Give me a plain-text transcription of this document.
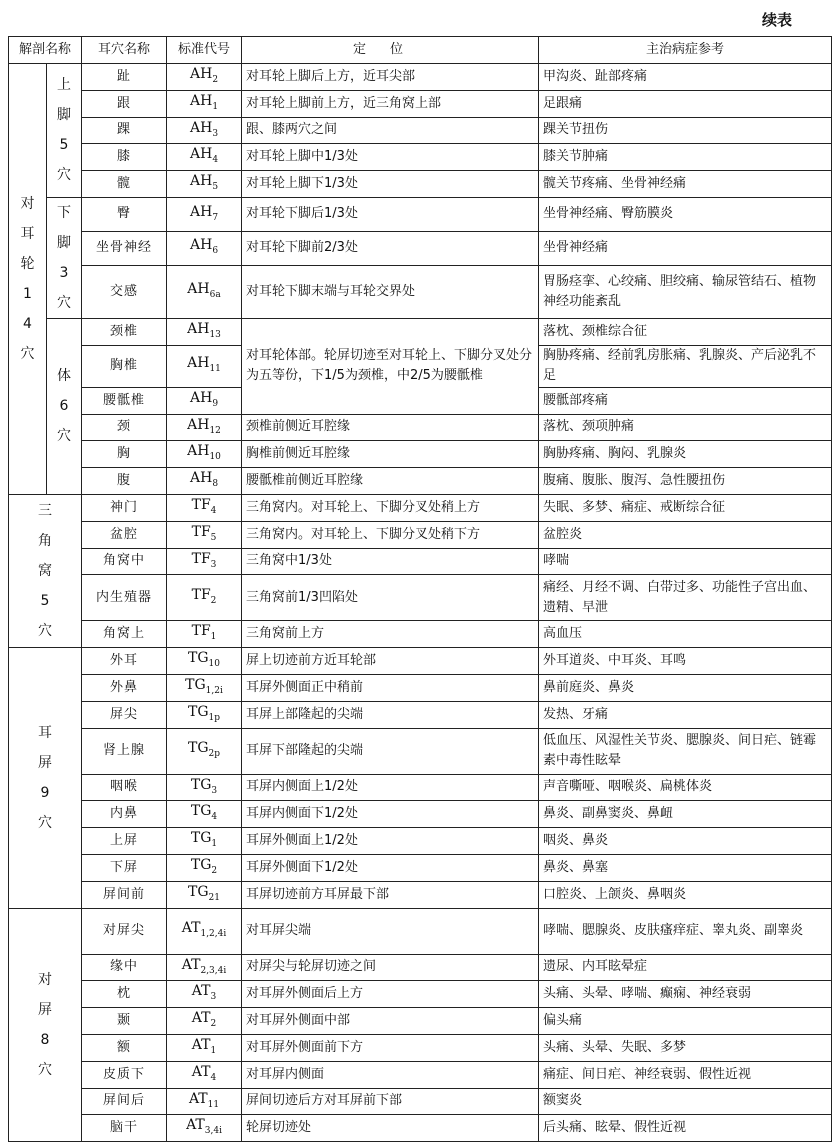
续表
解剖名称		耳穴名称	标准代号	定位	主治病症参考
对耳轮14穴	上脚5穴	趾	$AH_2$	对耳轮上脚后上方，近耳尖部	甲沟炎、趾部疼痛
		跟	$AH_1$	对耳轮上脚前上方，近三角窝上部	足跟痛
		踝	$AH_3$	跟、膝两穴之间	踝关节扭伤
		膝	$AH_4$	对耳轮上脚中1/3处	膝关节肿痛
		髋	$AH_5$	对耳轮上脚下1/3处	髋关节疼痛、坐骨神经痛
	下脚3穴	臀	$AH_7$	对耳轮下脚后1/3处	坐骨神经痛、臀筋膜炎
		坐骨神经	$AH_6$	对耳轮下脚前2/3处	坐骨神经痛
		交感	$AH_{6a}$	对耳轮下脚末端与耳轮交界处	胃肠痉挛、心绞痛、胆绞痛、输尿管结石、植物神经功能紊乱
	体6穴	颈椎	$AH_{13}$	对耳轮体部。轮屏切迹至对耳轮上、下脚分叉处分为五等份，下1/5为颈椎，中2/5为腰骶椎	落枕、颈椎综合征
		胸椎	$AH_{11}$		胸胁疼痛、经前乳房胀痛、乳腺炎、产后泌乳不足
		腰骶椎	$AH_9$		腰骶部疼痛
		颈	$AH_{12}$	颈椎前侧近耳腔缘	落枕、颈项肿痛
		胸	$AH_{10}$	胸椎前侧近耳腔缘	胸胁疼痛、胸闷、乳腺炎
		腹	$AH_8$	腰骶椎前侧近耳腔缘	腹痛、腹胀、腹泻、急性腰扭伤
三角窝5穴		神门	$TF_4$	三角窝内。对耳轮上、下脚分叉处稍上方	失眠、多梦、痛症、戒断综合征
		盆腔	$TF_5$	三角窝内。对耳轮上、下脚分叉处稍下方	盆腔炎
		角窝中	$TF_3$	三角窝中1/3处	哮喘
		内生殖器	$TF_2$	三角窝前1/3凹陷处	痛经、月经不调、白带过多、功能性子宫出血、遗精、早泄
		角窝上	$TF_1$	三角窝前上方	高血压
耳屏9穴		外耳	$TG_{10}$	屏上切迹前方近耳轮部	外耳道炎、中耳炎、耳鸣
		外鼻	$TG_{1,2i}$	耳屏外侧面正中稍前	鼻前庭炎、鼻炎
		屏尖	$TG_{1p}$	耳屏上部隆起的尖端	发热、牙痛
		肾上腺	$TG_{2p}$	耳屏下部隆起的尖端	低血压、风湿性关节炎、腮腺炎、间日疟、链霉素中毒性眩晕
		咽喉	$TG_3$	耳屏内侧面上1/2处	声音嘶哑、咽喉炎、扁桃体炎
		内鼻	$TG_4$	耳屏内侧面下1/2处	鼻炎、副鼻窦炎、鼻衄
		上屏	$TG_1$	耳屏外侧面上1/2处	咽炎、鼻炎
		下屏	$TG_2$	耳屏外侧面下1/2处	鼻炎、鼻塞
		屏间前	$TG_{21}$	耳屏切迹前方耳屏最下部	口腔炎、上颌炎、鼻咽炎
对屏8穴		对屏尖	$AT_{1,2,4i}$	对耳屏尖端	哮喘、腮腺炎、皮肤瘙痒症、睾丸炎、副睾炎
		缘中	$AT_{2,3,4i}$	对屏尖与轮屏切迹之间	遗尿、内耳眩晕症
		枕	$AT_3$	对耳屏外侧面后上方	头痛、头晕、哮喘、癫痫、神经衰弱
		颞	$AT_2$	对耳屏外侧面中部	偏头痛
		额	$AT_1$	对耳屏外侧面前下方	头痛、头晕、失眠、多梦
		皮质下	$AT_4$	对耳屏内侧面	痛症、间日疟、神经衰弱、假性近视
		屏间后	$AT_{11}$	屏间切迹后方对耳屏前下部	额窦炎
		脑干	$AT_{3,4i}$	轮屏切迹处	后头痛、眩晕、假性近视
